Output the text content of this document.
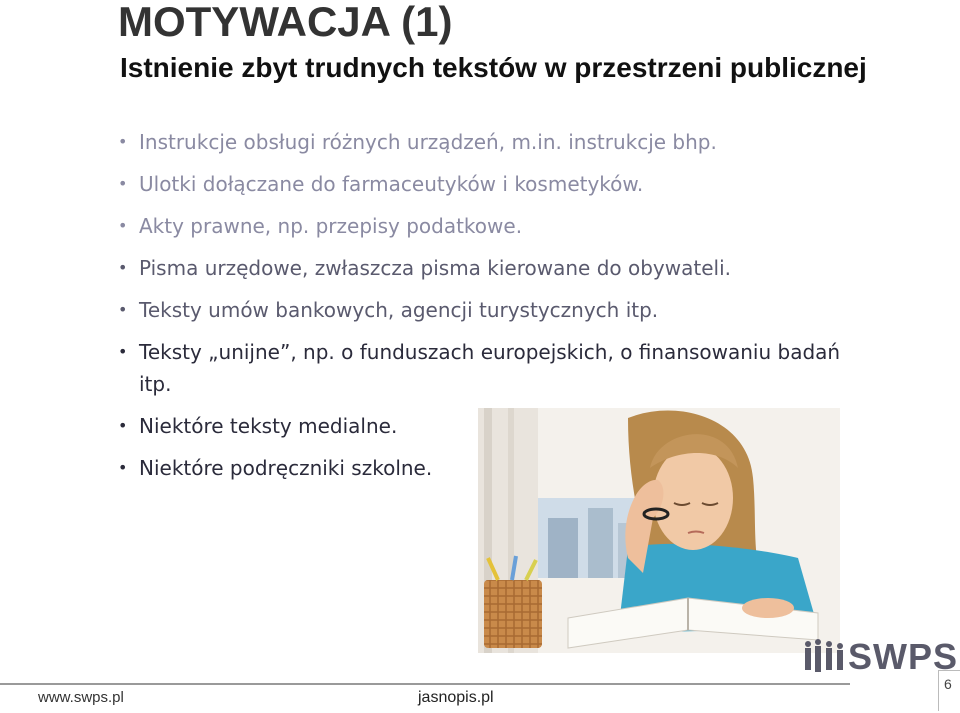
MOTYWACJA (1)
Istnienie zbyt trudnych tekstów w przestrzeni publicznej
• Instrukcje obsługi różnych urządzeń, m.in. instrukcje bhp.
• Ulotki dołączane do farmaceutyków i kosmetyków.
• Akty prawne, np. przepisy podatkowe.
• Pisma urzędowe, zwłaszcza pisma kierowane do obywateli.
• Teksty umów bankowych, agencji turystycznych itp.
• Teksty „unijne”, np. o funduszach europejskich, o finansowaniu badań itp.
• Niektóre teksty medialne.
• Niektóre podręczniki szkolne.
SWPS
www.swps.pl	jasnopis.pl
6
